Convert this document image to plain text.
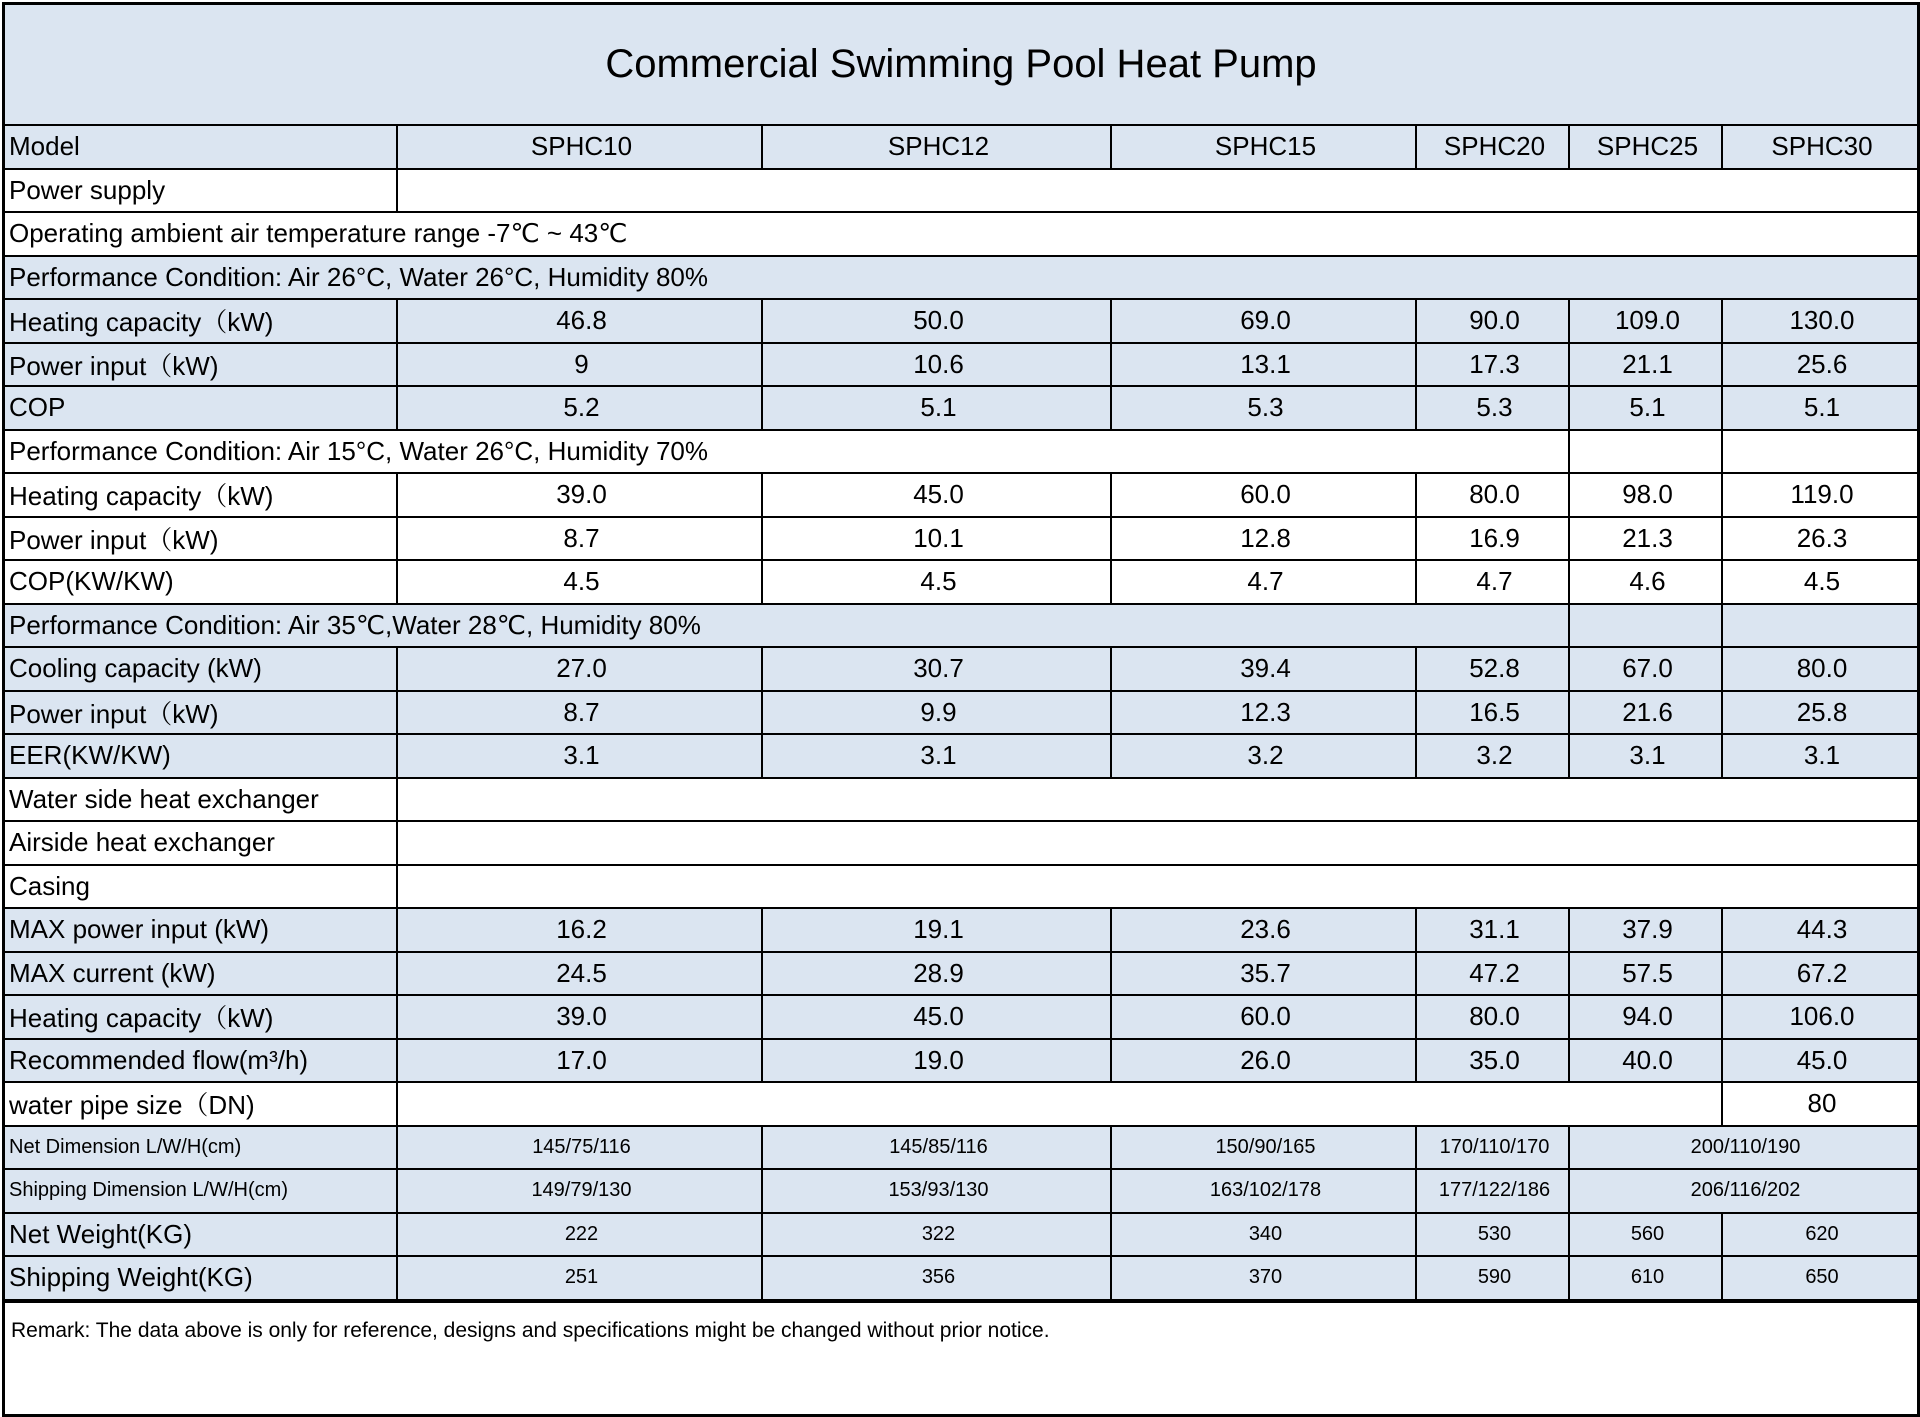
Commercial Swimming Pool Heat Pump
Model	SPHC10	SPHC12	SPHC15	SPHC20	SPHC25	SPHC30
Power supply						
Operating ambient air temperature range -7℃ ~ 43℃						
Performance Condition: Air 26°C, Water 26°C, Humidity 80%						
Heating capacity（kW)	46.8	50.0	69.0	90.0	109.0	130.0
Power input（kW)	9	10.6	13.1	17.3	21.1	25.6
COP	5.2	5.1	5.3	5.3	5.1	5.1
Performance Condition: Air 15°C, Water 26°C, Humidity 70%						
Heating capacity（kW)	39.0	45.0	60.0	80.0	98.0	119.0
Power input（kW)	8.7	10.1	12.8	16.9	21.3	26.3
COP(KW/KW)	4.5	4.5	4.7	4.7	4.6	4.5
Performance Condition: Air 35℃,Water 28℃, Humidity 80%						
Cooling capacity (kW)	27.0	30.7	39.4	52.8	67.0	80.0
Power input（kW)	8.7	9.9	12.3	16.5	21.6	25.8
EER(KW/KW)	3.1	3.1	3.2	3.2	3.1	3.1
Water side heat exchanger						
Airside heat exchanger						
Casing						
MAX power input (kW)	16.2	19.1	23.6	31.1	37.9	44.3
MAX current (kW)	24.5	28.9	35.7	47.2	57.5	67.2
Heating capacity（kW)	39.0	45.0	60.0	80.0	94.0	106.0
Recommended flow(m³/h)	17.0	19.0	26.0	35.0	40.0	45.0
water pipe size（DN)						80
Net Dimension L/W/H(cm)	145/75/116	145/85/116	150/90/165	170/110/170	200/110/190	
Shipping Dimension L/W/H(cm)	149/79/130	153/93/130	163/102/178	177/122/186	206/116/202	
Net Weight(KG)	222	322	340	530	560	620
Shipping Weight(KG)	251	356	370	590	610	650
Remark: The data above is only for reference, designs and specifications might be changed without prior notice.
